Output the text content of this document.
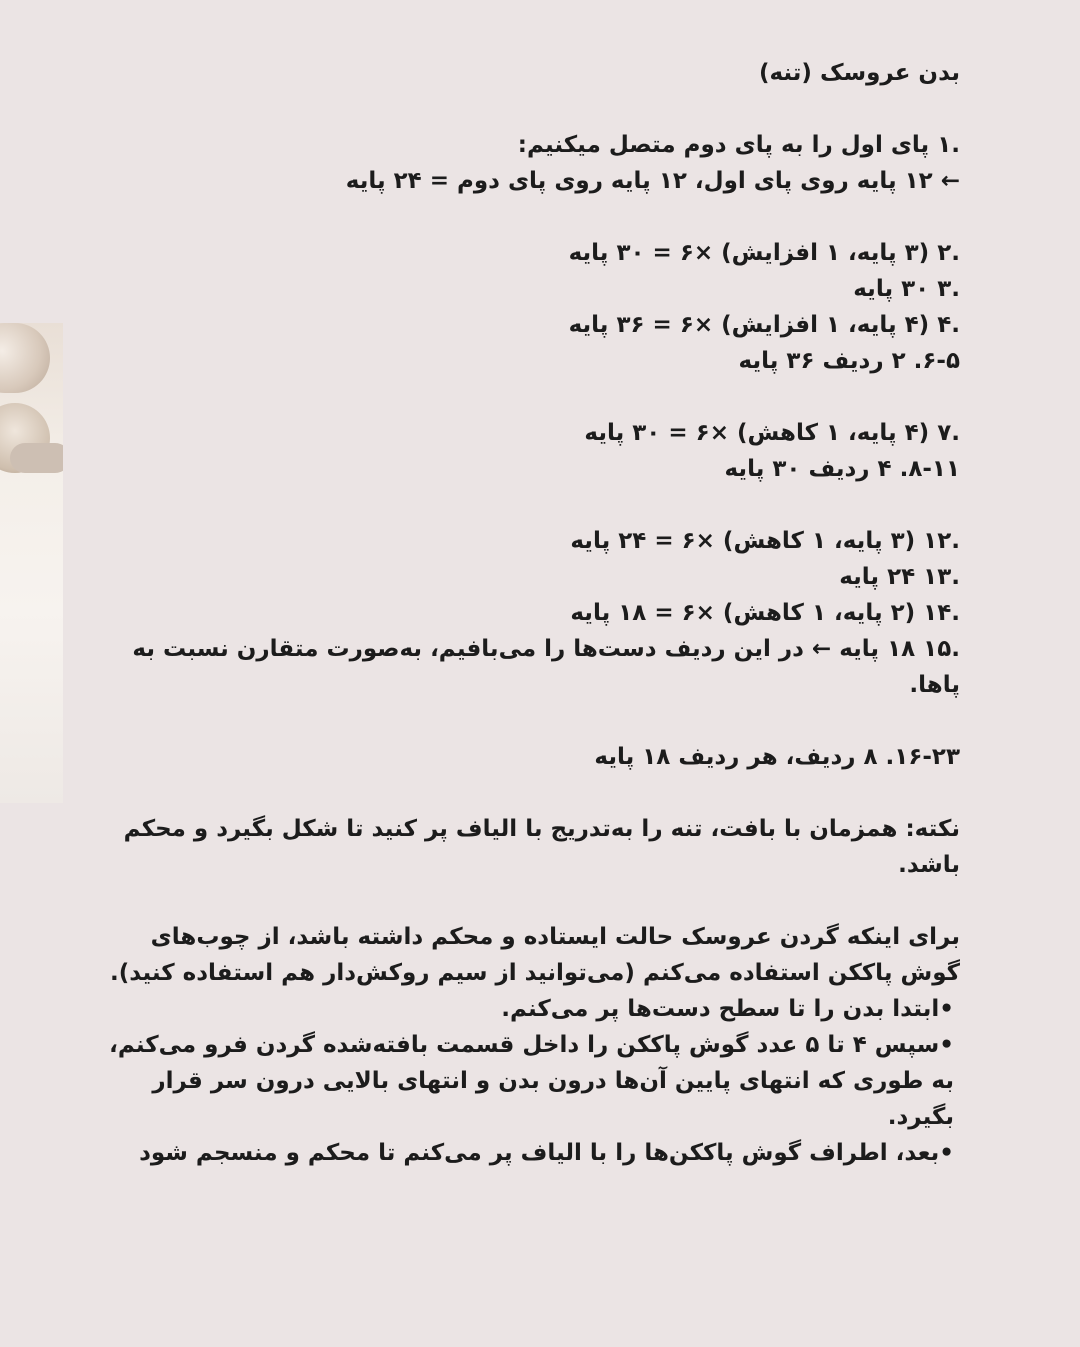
بدن عروسک (تنه)

.۱ پای اول را به پای دوم متصل میکنیم:

← ۱۲ پایه روی پای اول، ۱۲ پایه روی پای دوم = ۲۴ پایه

.۲ (۳ پایه، ۱ افزایش) ×۶ = ۳۰ پایه

.۳ ۳۰ پایه

.۴ (۴ پایه، ۱ افزایش) ×۶ = ۳۶ پایه

۶-۵. ۲ ردیف ۳۶ پایه

.۷ (۴ پایه، ۱ کاهش) ×۶ = ۳۰ پایه

۸-۱۱. ۴ ردیف ۳۰ پایه

.۱۲ (۳ پایه، ۱ کاهش) ×۶ = ۲۴ پایه

.۱۳ ۲۴ پایه

.۱۴ (۲ پایه، ۱ کاهش) ×۶ = ۱۸ پایه

.۱۵ ۱۸ پایه ← در این ردیف دست‌ها را می‌بافیم، به‌صورت متقارن نسبت به پاها.

۱۶-۲۳. ۸ ردیف، هر ردیف ۱۸ پایه

نکته: همزمان با بافت، تنه را به‌تدریج با الیاف پر کنید تا شکل بگیرد و محکم باشد.

برای اینکه گردن عروسک حالت ایستاده و محکم داشته باشد، از چوب‌های گوش پاککن استفاده می‌کنم (می‌توانید از سیم روکش‌دار هم استفاده کنید).

•ابتدا بدن را تا سطح دست‌ها پر می‌کنم.

•سپس ۴ تا ۵ عدد گوش پاککن را داخل قسمت بافته‌شده گردن فرو می‌کنم، به طوری که انتهای پایین آن‌ها درون بدن و انتهای بالایی درون سر قرار بگیرد.

•بعد، اطراف گوش پاککن‌ها را با الیاف پر می‌کنم تا محکم و منسجم شود
